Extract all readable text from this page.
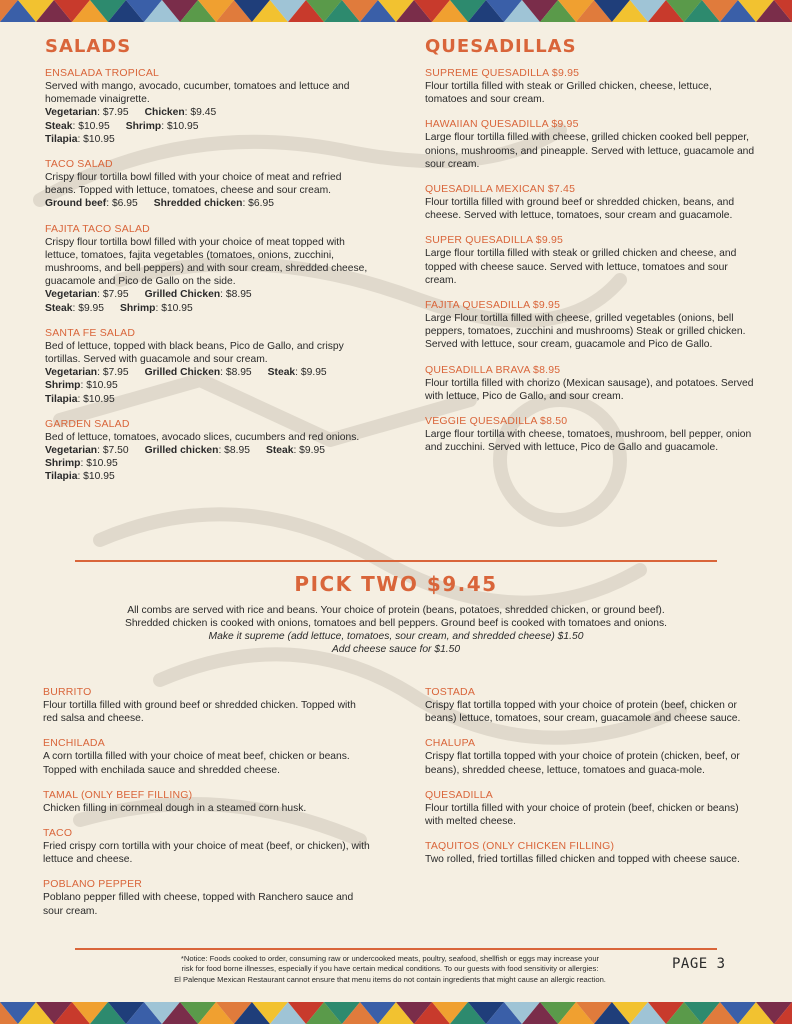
SALADS
ENSALADA TROPICAL
Served with mango, avocado, cucumber, tomatoes and lettuce and homemade vinaigrette.
Vegetarian: $7.95 Chicken: $9.45
Steak: $10.95 Shrimp: $10.95
Tilapia: $10.95
TACO SALAD
Crispy flour tortilla bowl filled with your choice of meat and refried beans. Topped with lettuce, tomatoes, cheese and sour cream.
Ground beef: $6.95 Shredded chicken: $6.95
FAJITA TACO SALAD
Crispy flour tortilla bowl filled with your choice of meat topped with lettuce, tomatoes, fajita vegetables (tomatoes, onions, zucchini, mushrooms, and bell peppers) and with sour cream, shredded cheese, guacamole and Pico de Gallo on the side.
Vegetarian: $7.95 Grilled Chicken: $8.95
Steak: $9.95 Shrimp: $10.95
SANTA FE SALAD
Bed of lettuce, topped with black beans, Pico de Gallo, and crispy tortillas. Served with guacamole and sour cream.
Vegetarian: $7.95 Grilled Chicken: $8.95 Steak: $9.95
Shrimp: $10.95
Tilapia: $10.95
GARDEN SALAD
Bed of lettuce, tomatoes, avocado slices, cucumbers and red onions.
Vegetarian: $7.50 Grilled chicken: $8.95 Steak: $9.95
Shrimp: $10.95
Tilapia: $10.95
QUESADILLAS
SUPREME QUESADILLA $9.95
Flour tortilla filled with steak or Grilled chicken, cheese, lettuce, tomatoes and sour cream.
HAWAIIAN QUESADILLA $9.95
Large flour tortilla filled with cheese, grilled chicken cooked bell pepper, onions, mushrooms, and pineapple. Served with lettuce, guacamole and sour cream.
QUESADILLA MEXICAN $7.45
Flour tortilla filled with ground beef or shredded chicken, beans, and cheese. Served with lettuce, tomatoes, sour cream and guacamole.
SUPER QUESADILLA $9.95
Large flour tortilla filled with steak or grilled chicken and cheese, and topped with cheese sauce. Served with lettuce, tomatoes and sour cream.
FAJITA QUESADILLA $9.95
Large Flour tortilla filled with cheese, grilled vegetables (onions, bell peppers, tomatoes, zucchini and mushrooms) Steak or grilled chicken. Served with lettuce, sour cream, guacamole and Pico de Gallo.
QUESADILLA BRAVA $8.95
Flour tortilla filled with chorizo (Mexican sausage), and potatoes. Served with lettuce, Pico de Gallo, and sour cream.
VEGGIE QUESADILLA $8.50
Large flour tortilla with cheese, tomatoes, mushroom, bell pepper, onion and zucchini. Served with lettuce, Pico de Gallo and guacamole.
PICK TWO $9.45
All combs are served with rice and beans. Your choice of protein (beans, potatoes, shredded chicken, or ground beef).
Shredded chicken is cooked with onions, tomatoes and bell peppers. Ground beef is cooked with tomatoes and onions.
Make it supreme (add lettuce, tomatoes, sour cream, and shredded cheese) $1.50
Add cheese sauce for $1.50
BURRITO
Flour tortilla filled with ground beef or shredded chicken. Topped with red salsa and cheese.
ENCHILADA
A corn tortilla filled with your choice of meat beef, chicken or beans. Topped with enchilada sauce and shredded cheese.
TAMAL (ONLY BEEF FILLING)
Chicken filling in cornmeal dough in a steamed corn husk.
TACO
Fried crispy corn tortilla with your choice of meat (beef, or chicken), with lettuce and cheese.
POBLANO PEPPER
Poblano pepper filled with cheese, topped with Ranchero sauce and sour cream.
TOSTADA
Crispy flat tortilla topped with your choice of protein (beef, chicken or beans) lettuce, tomatoes, sour cream, guacamole and cheese sauce.
CHALUPA
Crispy flat tortilla topped with your choice of protein (chicken, beef, or beans), shredded cheese, lettuce, tomatoes and guaca-mole.
QUESADILLA
Flour tortilla filled with your choice of protein (beef, chicken or beans) with melted cheese.
TAQUITOS (ONLY CHICKEN FILLING)
Two rolled, fried tortillas filled chicken and topped with cheese sauce.
*Notice: Foods cooked to order, consuming raw or undercooked meats, poultry, seafood, shellfish or eggs may increase your
risk for food borne illnesses, especially if you have certain medical conditions. To our guests with food sensitivity or allergies:
El Palenque Mexican Restaurant cannot ensure that menu items do not contain ingredients that might cause an allergic reaction.
PAGE 3
